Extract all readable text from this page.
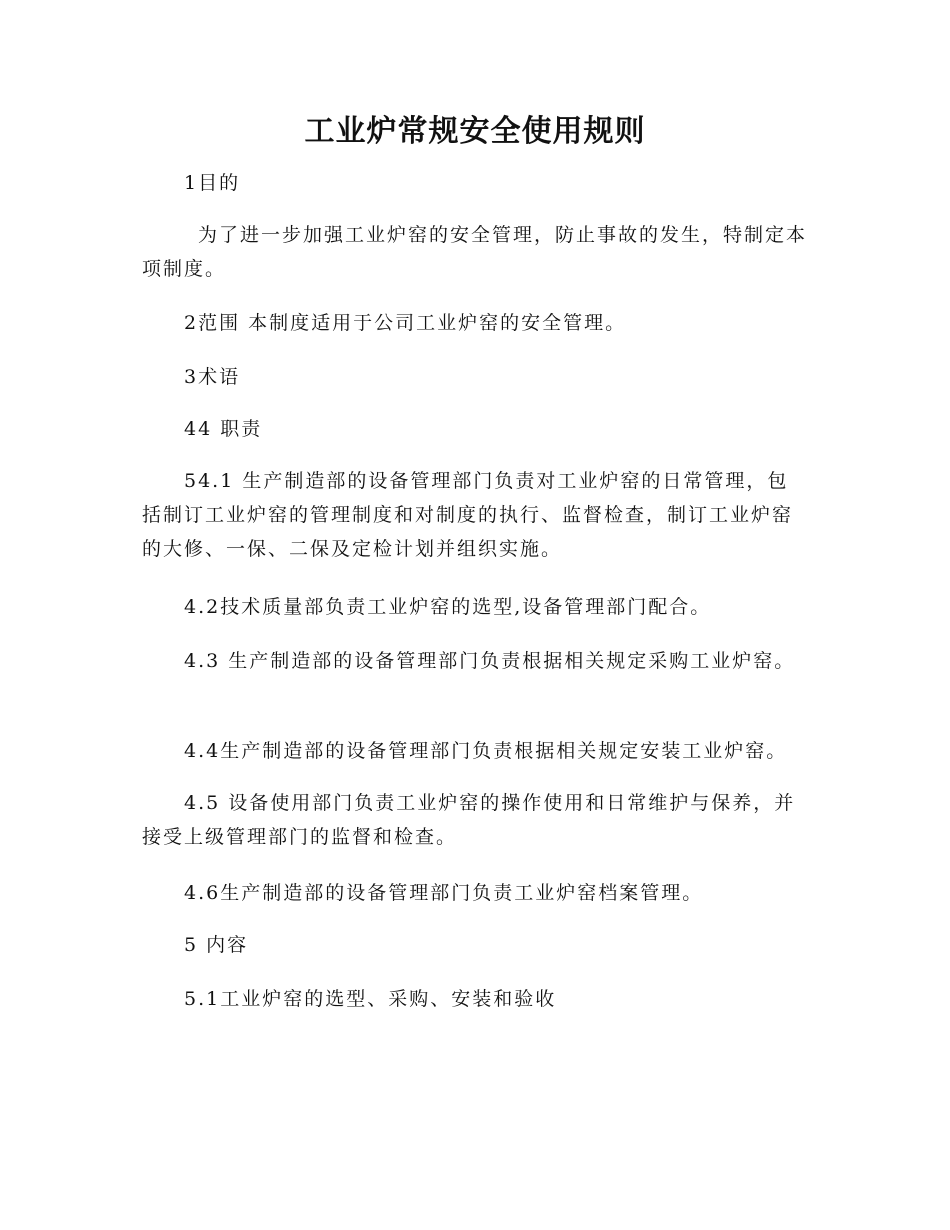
工业炉常规安全使用规则

1目的

为了进一步加强工业炉窑的安全管理，防止事故的发生，特制定本项制度。

2范围 本制度适用于公司工业炉窑的安全管理。

3术语

44 职责

54.1 生产制造部的设备管理部门负责对工业炉窑的日常管理，包括制订工业炉窑的管理制度和对制度的执行、监督检查，制订工业炉窑的大修、一保、二保及定检计划并组织实施。

4.2技术质量部负责工业炉窑的选型,设备管理部门配合。

4.3 生产制造部的设备管理部门负责根据相关规定采购工业炉窑。

4.4生产制造部的设备管理部门负责根据相关规定安装工业炉窑。

4.5 设备使用部门负责工业炉窑的操作使用和日常维护与保养，并接受上级管理部门的监督和检查。

4.6生产制造部的设备管理部门负责工业炉窑档案管理。

5 内容

5.1工业炉窑的选型、采购、安装和验收
